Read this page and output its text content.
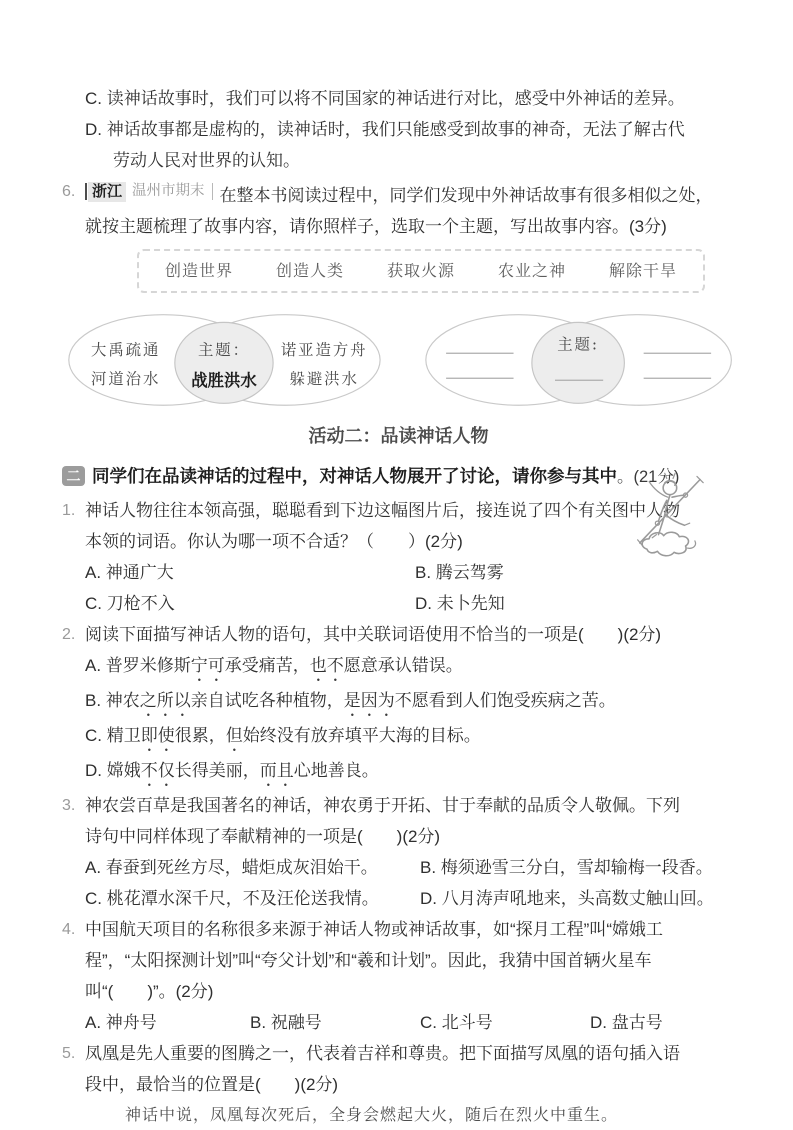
C. 读神话故事时，我们可以将不同国家的神话进行对比，感受中外神话的差异。
D. 神话故事都是虚构的，读神话时，我们只能感受到故事的神奇，无法了解古代
劳动人民对世界的认知。
6.	浙江 温州市期末 在整本书阅读过程中，同学们发现中外神话故事有很多相似之处，
就按主题梳理了故事内容，请你照样子，选取一个主题，写出故事内容。(3分)
创造世界	创造人类	获取火源	农业之神	解除干旱
大禹疏通
河道治水
主题：
战胜洪水
诺亚造方舟
躲避洪水
主题:
活动二：品读神话人物
二 同学们在品读神话的过程中，对神话人物展开了讨论，请你参与其中。(21分)
1. 神话人物往往本领高强，聪聪看到下边这幅图片后，接连说了四个有关图中人物
本领的词语。你认为哪一项不合适？（　　）(2分)
A. 神通广大	B. 腾云驾雾
C. 刀枪不入	D. 未卜先知
2. 阅读下面描写神话人物的语句，其中关联词语使用不恰当的一项是(　　)(2分)
A. 普罗米修斯宁可承受痛苦，也不愿意承认错误。
B. 神农之所以亲自试吃各种植物，是因为不愿看到人们饱受疾病之苦。
C. 精卫即使很累，但始终没有放弃填平大海的目标。
D. 嫦娥不仅长得美丽，而且心地善良。
3. 神农尝百草是我国著名的神话，神农勇于开拓、甘于奉献的品质令人敬佩。下列
诗句中同样体现了奉献精神的一项是(　　)(2分)
A. 春蚕到死丝方尽，蜡炬成灰泪始干。	B. 梅须逊雪三分白，雪却输梅一段香。
C. 桃花潭水深千尺，不及汪伦送我情。	D. 八月涛声吼地来，头高数丈触山回。
4. 中国航天项目的名称很多来源于神话人物或神话故事，如“探月工程”叫“嫦娥工
程”，“太阳探测计划”叫“夸父计划”和“羲和计划”。因此，我猜中国首辆火星车
叫“(　　)”。(2分)
A. 神舟号	B. 祝融号	C. 北斗号	D. 盘古号
5. 凤凰是先人重要的图腾之一，代表着吉祥和尊贵。把下面描写凤凰的语句插入语
段中，最恰当的位置是(　　)(2分)
神话中说，凤凰每次死后，全身会燃起大火，随后在烈火中重生。
